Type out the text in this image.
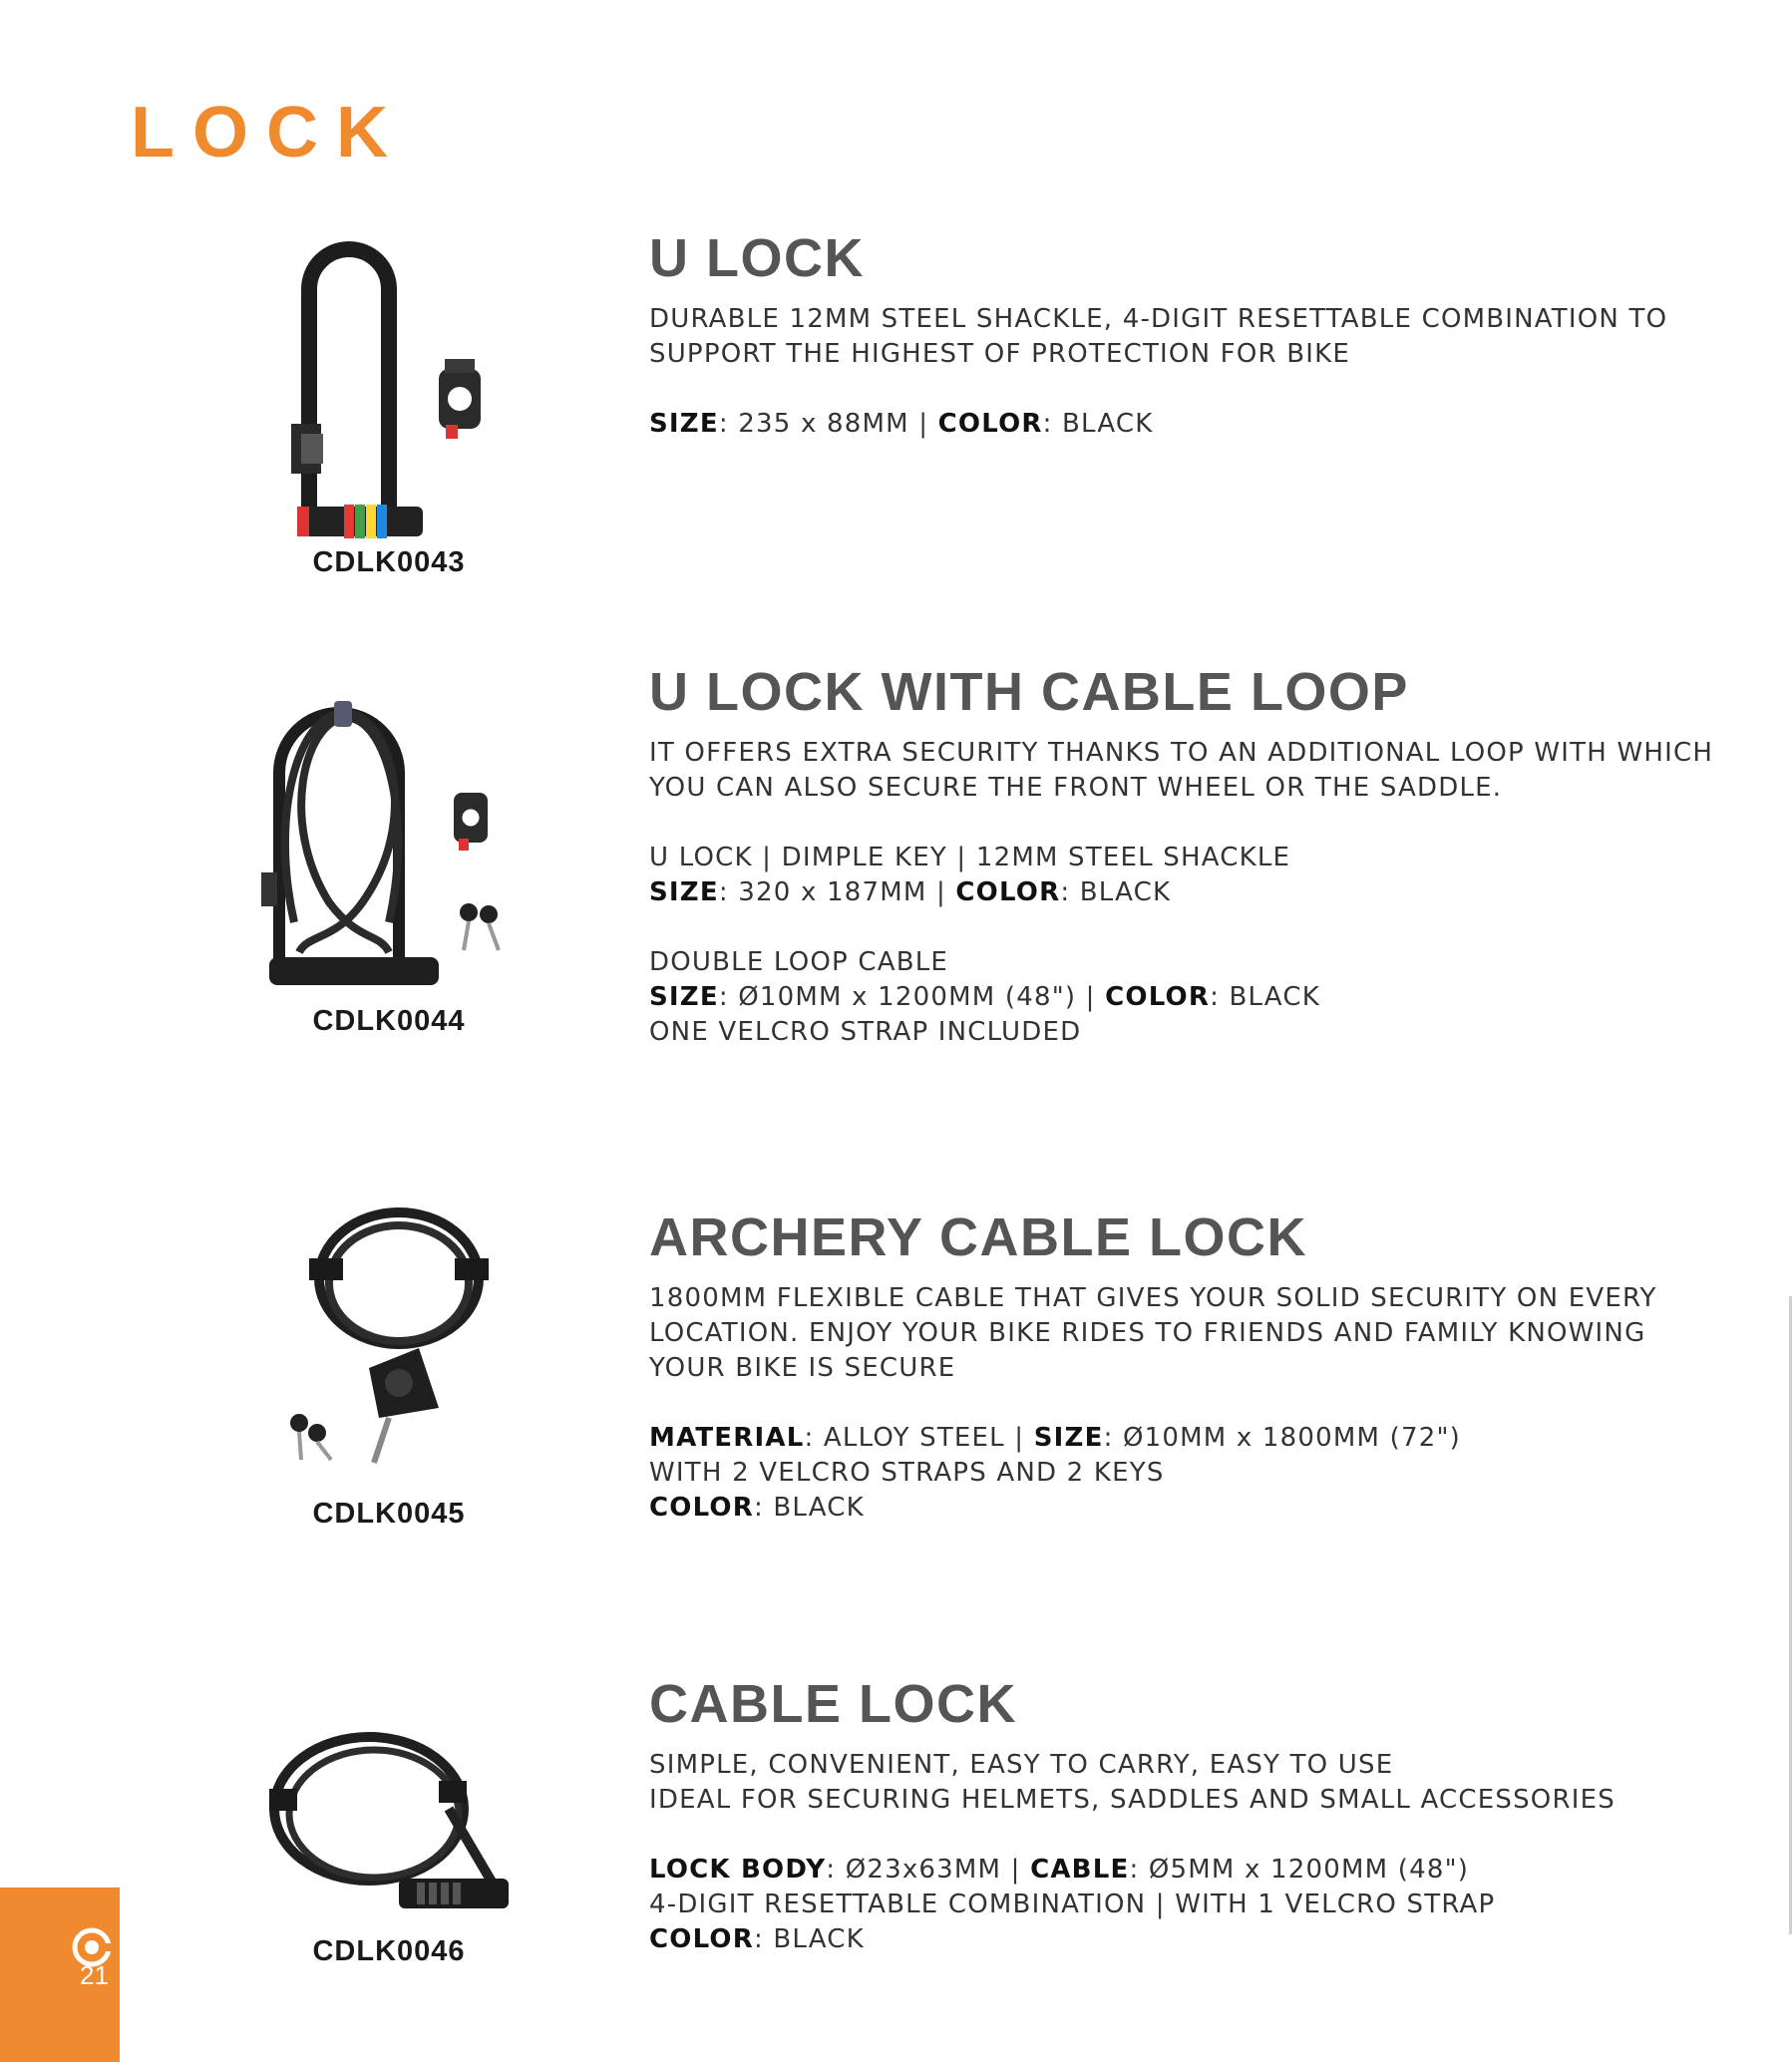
LOCK
CDLK0043
U LOCK

DURABLE 12MM STEEL SHACKLE, 4-DIGIT RESETTABLE COMBINATION TO

SUPPORT THE HIGHEST OF PROTECTION FOR BIKE

SIZE: 235 x 88MM | COLOR: BLACK

CDLK0044
U LOCK WITH CABLE LOOP

IT OFFERS EXTRA SECURITY THANKS TO AN ADDITIONAL LOOP WITH WHICH

YOU CAN ALSO SECURE THE FRONT WHEEL OR THE SADDLE.

U LOCK | DIMPLE KEY | 12MM STEEL SHACKLE

SIZE: 320 x 187MM | COLOR: BLACK

DOUBLE LOOP CABLE

SIZE: Ø10MM x 1200MM (48") | COLOR: BLACK

ONE VELCRO STRAP INCLUDED

CDLK0045
ARCHERY CABLE LOCK

1800MM FLEXIBLE CABLE THAT GIVES YOUR SOLID SECURITY ON EVERY

LOCATION. ENJOY YOUR BIKE RIDES TO FRIENDS AND FAMILY KNOWING

YOUR BIKE IS SECURE

MATERIAL: ALLOY STEEL | SIZE: Ø10MM x 1800MM (72")

WITH 2 VELCRO STRAPS AND 2 KEYS

COLOR: BLACK

CDLK0046
CABLE LOCK

SIMPLE, CONVENIENT, EASY TO CARRY, EASY TO USE

IDEAL FOR SECURING HELMETS, SADDLES AND SMALL ACCESSORIES

LOCK BODY: Ø23x63MM | CABLE: Ø5MM x 1200MM (48")

4-DIGIT RESETTABLE COMBINATION | WITH 1 VELCRO STRAP

COLOR: BLACK

21
